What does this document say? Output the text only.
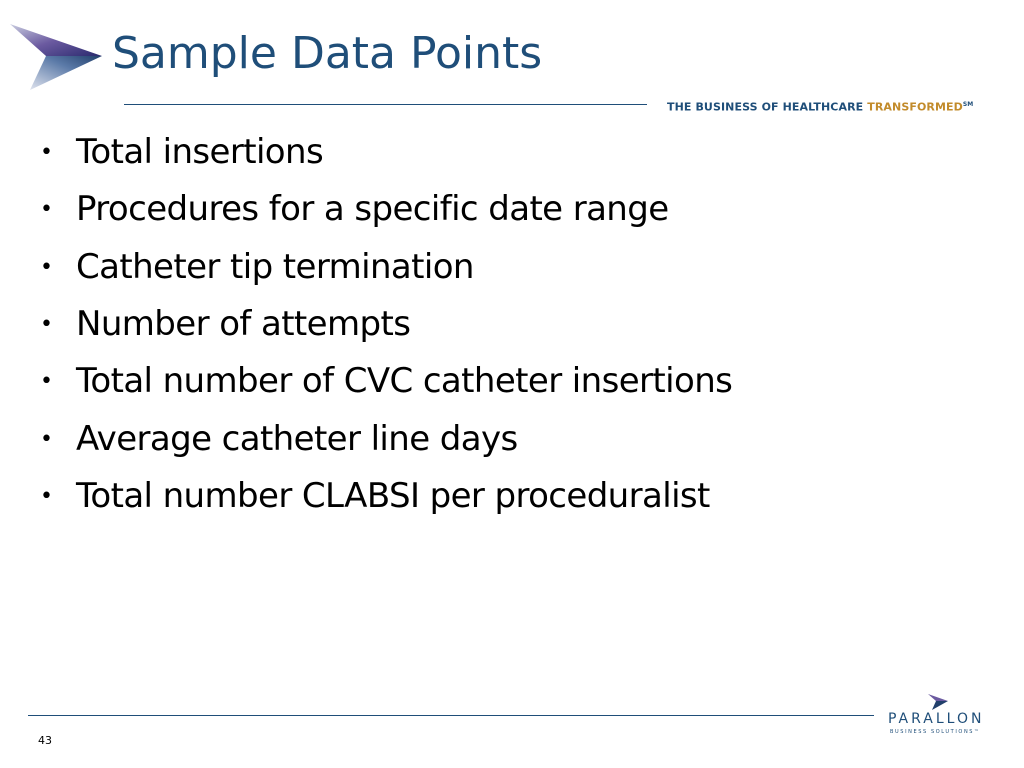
Sample Data Points
THE BUSINESS OF HEALTHCARE TRANSFORMED℠
• Total insertions
• Procedures for a specific date range
• Catheter tip termination
• Number of attempts
• Total number of CVC catheter insertions
• Average catheter line days
• Total number CLABSI per proceduralist
43
PARALLON
BUSINESS SOLUTIONS™
